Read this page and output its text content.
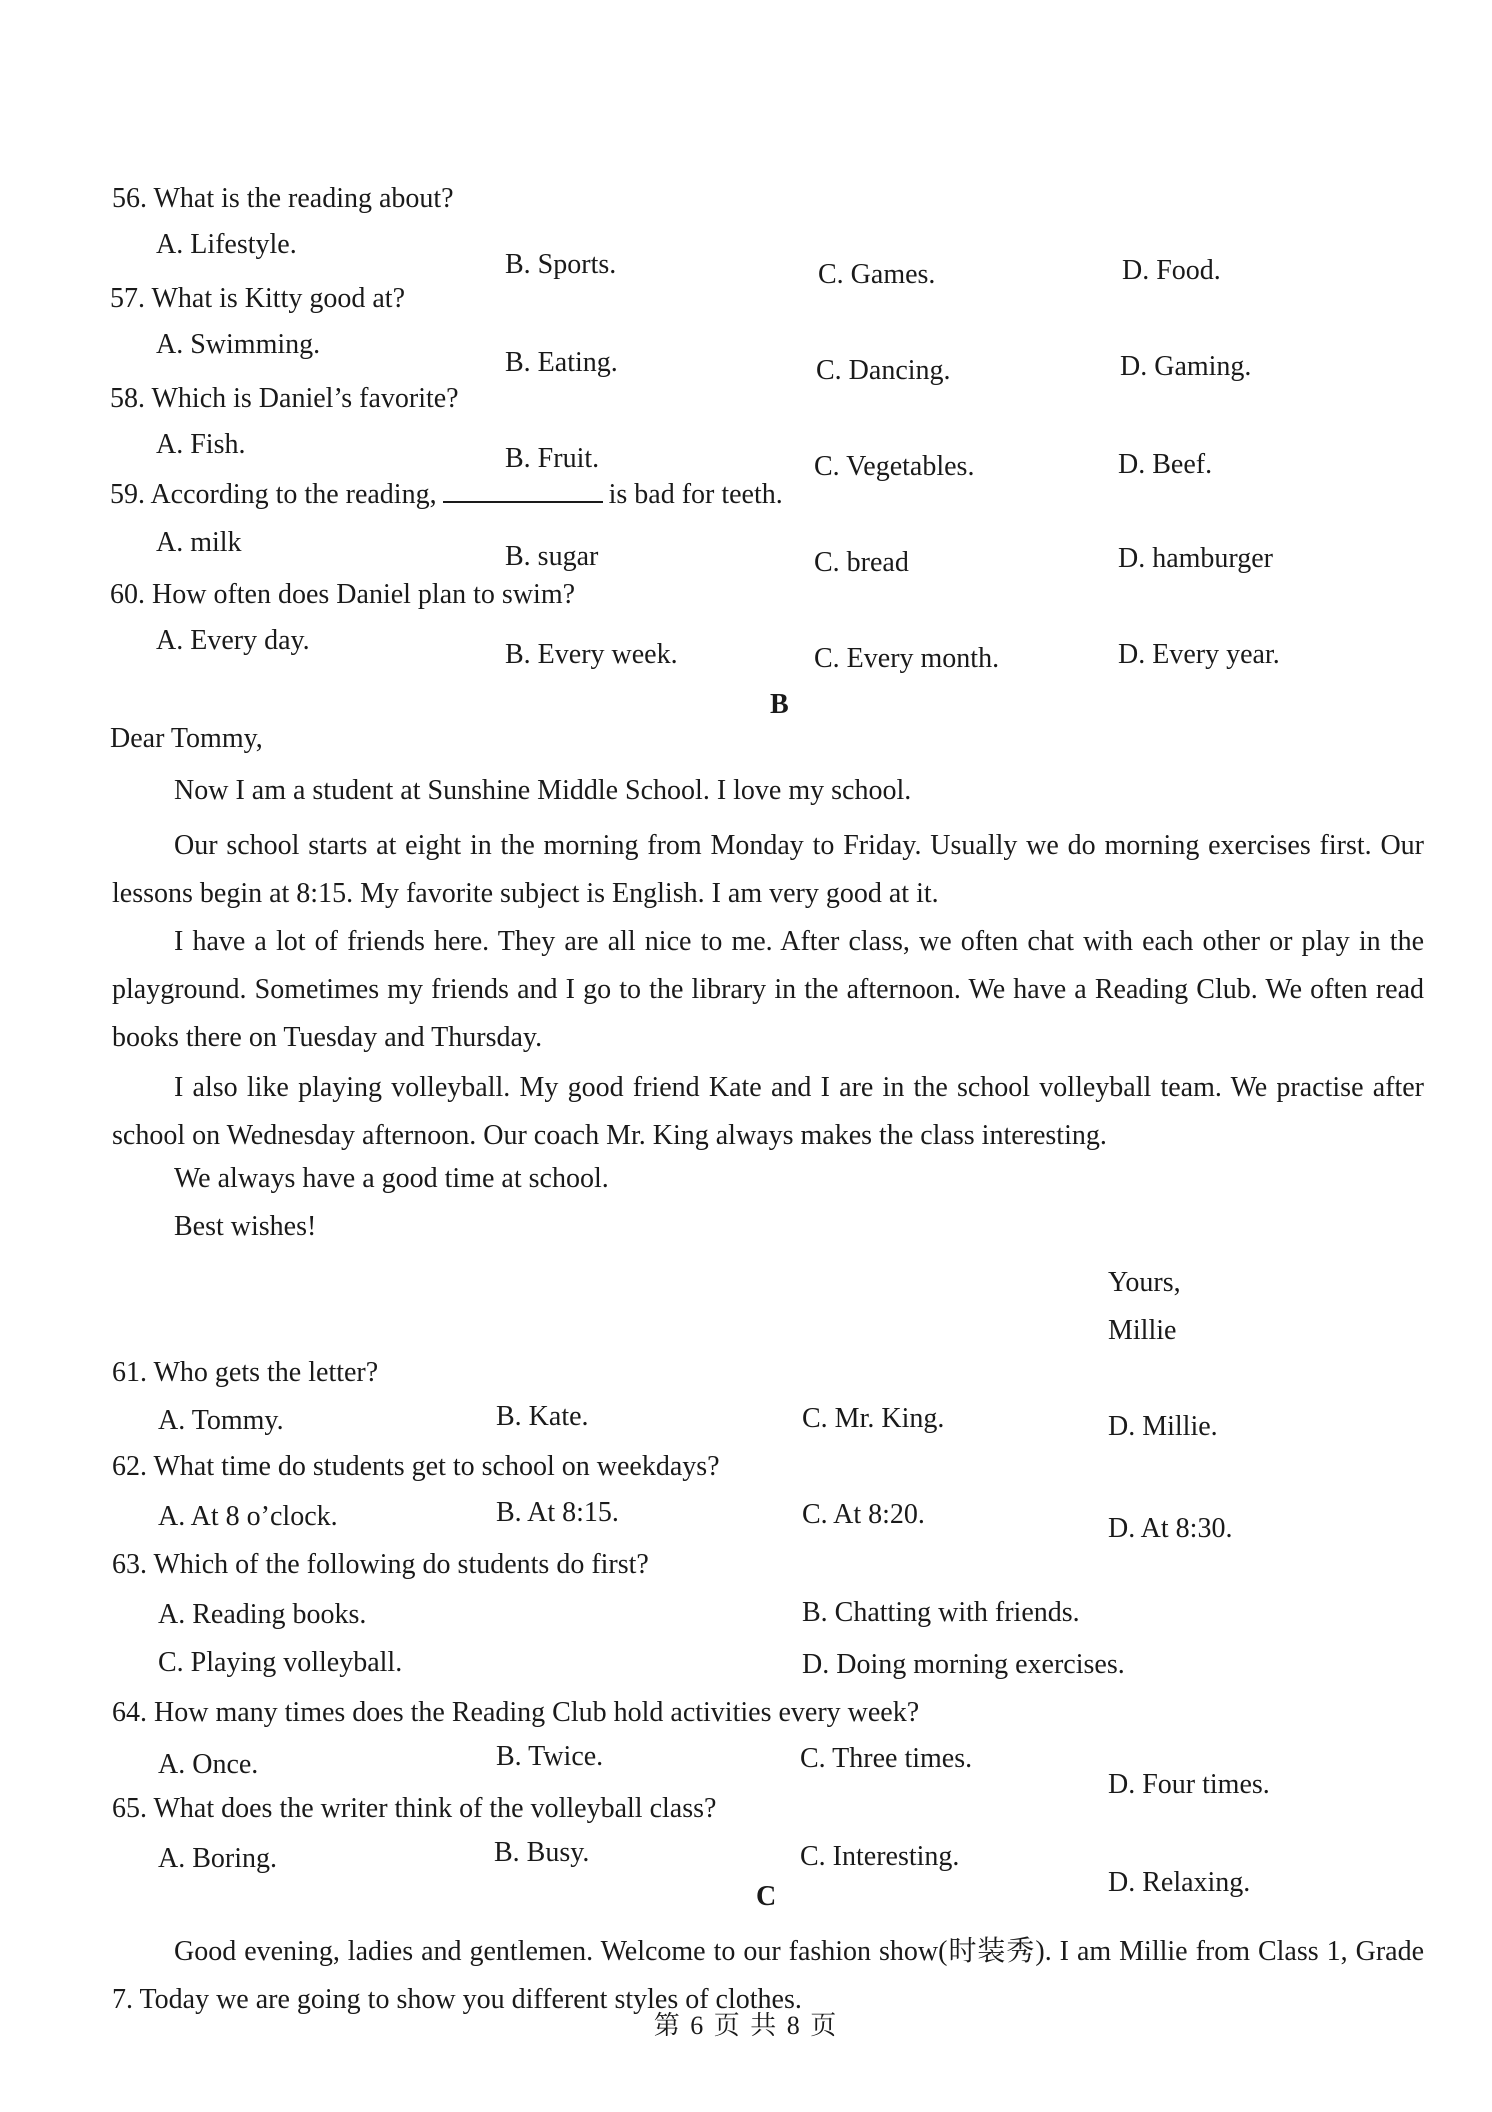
56. What is the reading about?
A. Lifestyle.
B. Sports.	C. Games.	D. Food.
57. What is Kitty good at?
A. Swimming.
B. Eating.	C. Dancing.	D. Gaming.
58. Which is Daniel’s favorite?
A. Fish.	B. Fruit.	C. Vegetables.	D. Beef.
59. According to the reading,	is bad for teeth.
A. milk	B. sugar	C. bread	D. hamburger
60. How often does Daniel plan to swim?
A. Every day.	B. Every week.	C. Every month.	D. Every year.
B
Dear Tommy,
Now I am a student at Sunshine Middle School. I love my school.
Our school starts at eight in the morning from Monday to Friday. Usually we do morning exercises first. Our lessons begin at 8:15. My favorite subject is English. I am very good at it.
I have a lot of friends here. They are all nice to me. After class, we often chat with each other or play in the playground. Sometimes my friends and I go to the library in the afternoon. We have a Reading Club. We often read books there on Tuesday and Thursday.
I also like playing volleyball. My good friend Kate and I are in the school volleyball team. We practise after school on Wednesday afternoon. Our coach Mr. King always makes the class interesting.
We always have a good time at school.
Best wishes!
Yours,
Millie
61. Who gets the letter?
A. Tommy.	B. Kate.	C. Mr. King.	D. Millie.
62. What time do students get to school on weekdays?
A. At 8 o’clock.	B. At 8:15.	C. At 8:20.	D. At 8:30.
63. Which of the following do students do first?
A. Reading books.	B. Chatting with friends.
C. Playing volleyball.	D. Doing morning exercises.
64. How many times does the Reading Club hold activities every week?
A. Once.	B. Twice.	C. Three times.
D. Four times.
65. What does the writer think of the volleyball class?
A. Boring.	B. Busy.	C. Interesting.
D. Relaxing.
C
Good evening, ladies and gentlemen. Welcome to our fashion show(时装秀). I am Millie from Class 1, Grade 7. Today we are going to show you different styles of clothes.
第 6 页 共 8 页
